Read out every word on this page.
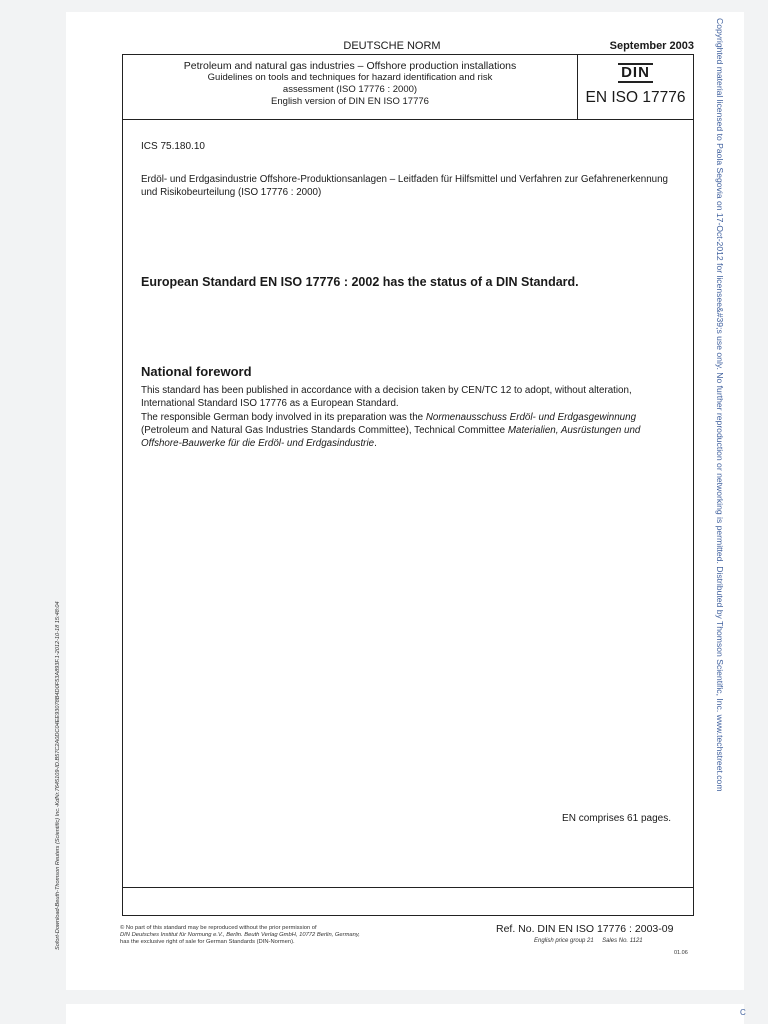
DEUTSCHE NORM	September 2003
Petroleum and natural gas industries – Offshore production installations
Guidelines on tools and techniques for hazard identification and risk
assessment (ISO 17776 : 2000)
English version of DIN EN ISO 17776
DIN
EN ISO 17776
ICS 75.180.10
Erdöl- und Erdgasindustrie Offshore-Produktionsanlagen – Leitfaden für Hilfsmittel und Verfahren zur Gefahrenerkennung und Risikobeurteilung (ISO 17776 : 2000)
European Standard EN ISO 17776 : 2002 has the status of a DIN Standard.
National foreword

This standard has been published in accordance with a decision taken by CEN/TC 12 to adopt, without alteration, International Standard ISO 17776 as a European Standard.

The responsible German body involved in its preparation was the Normenausschuss Erdöl- und Erdgasgewinnung (Petroleum and Natural Gas Industries Standards Committee), Technical Committee Materialien, Ausrüstungen und Offshore-Bauwerke für die Erdöl- und Erdgasindustrie.

EN comprises 61 pages.
© No part of this standard may be reproduced without the prior permission of
DIN Deutsches Institut für Normung e.V., Berlin. Beuth Verlag GmbH, 10772 Berlin, Germany,
has the exclusive right of sale for German Standards (DIN-Normen).
Ref. No. DIN EN ISO 17776 : 2003-09
English price group 21 Sales No. 1121
01.06
Copyrighted material licensed to Paola Segovia on 17-Oct-2012 for licensee&#39;s use only. No further reproduction or networking is permitted. Distributed by Thomson Scientific, Inc. www.techstreet.com
Sofort-Download-Beuth-Thomson Reuters (Scientific) Inc.-KdNr.7645109-ID.B57C2A0DC04EE93078B4D0F53A893F.1-2012-10-18 15:48:04
C
